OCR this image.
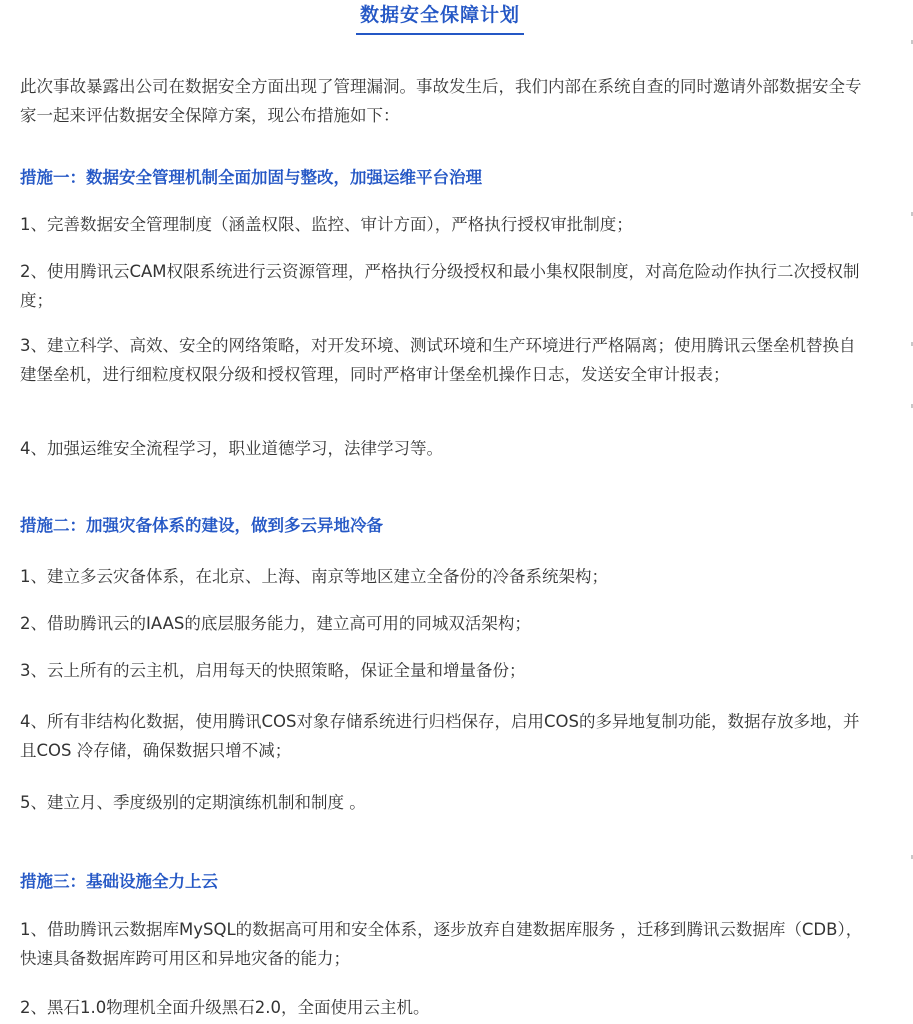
数据安全保障计划
此次事故暴露出公司在数据安全方面出现了管理漏洞。事故发生后，我们内部在系统自查的同时邀请外部数据安全专家一起来评估数据安全保障方案，现公布措施如下：
措施一：数据安全管理机制全面加固与整改，加强运维平台治理
1、完善数据安全管理制度（涵盖权限、监控、审计方面），严格执行授权审批制度；
2、使用腾讯云CAM权限系统进行云资源管理，严格执行分级授权和最小集权限制度，对高危险动作执行二次授权制度；
3、建立科学、高效、安全的网络策略，对开发环境、测试环境和生产环境进行严格隔离；使用腾讯云堡垒机替换自建堡垒机，进行细粒度权限分级和授权管理，同时严格审计堡垒机操作日志，发送安全审计报表；
4、加强运维安全流程学习，职业道德学习，法律学习等。
措施二：加强灾备体系的建设，做到多云异地冷备
1、建立多云灾备体系，在北京、上海、南京等地区建立全备份的冷备系统架构；
2、借助腾讯云的IAAS的底层服务能力，建立高可用的同城双活架构；
3、云上所有的云主机，启用每天的快照策略，保证全量和增量备份；
4、所有非结构化数据，使用腾讯COS对象存储系统进行归档保存，启用COS的多异地复制功能，数据存放多地，并且COS 冷存储，确保数据只增不减；
5、建立月、季度级别的定期演练机制和制度 。
措施三：基础设施全力上云
1、借助腾讯云数据库MySQL的数据高可用和安全体系，逐步放弃自建数据库服务 ，迁移到腾讯云数据库（CDB），快速具备数据库跨可用区和异地灾备的能力；
2、黑石1.0物理机全面升级黑石2.0，全面使用云主机。
